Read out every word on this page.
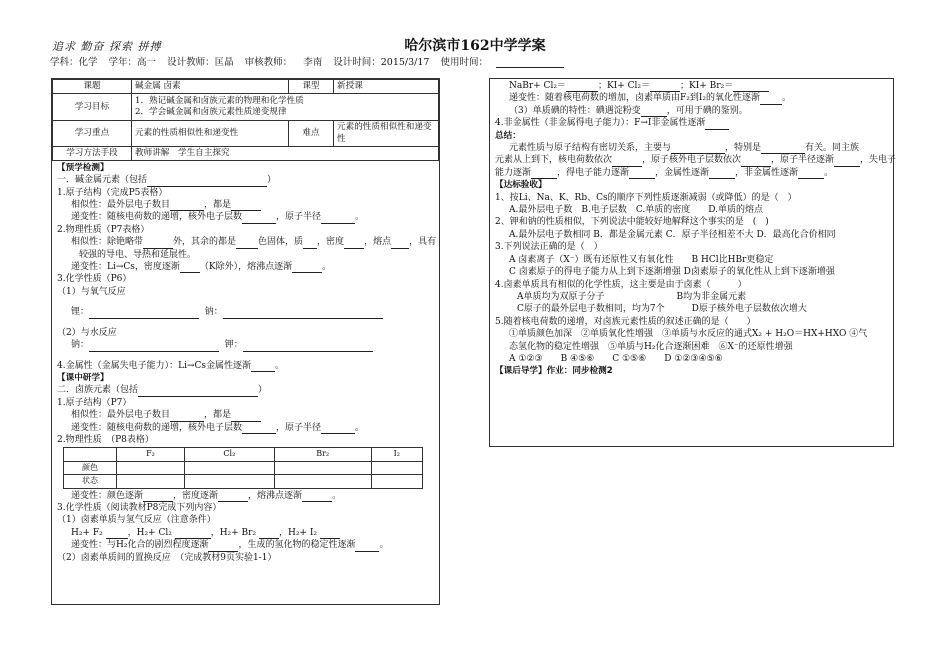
追求 勤奋 探索 拼搏	哈尔滨市162中学学案
学科：化学 学年：高一 设计教师：匡晶 审核教师： 李南 设计时间：2015/3/17 使用时间：
课题	碱金属 卤素	课型	新授课
学习目标	1．熟记碱金属和卤族元素的物理和化学性质
2．学会碱金属和卤族元素性质递变规律		

学习重点	元素的性质相似性和递变性	难点	元素的性质相似性和递变性
学习方法手段	教师讲解　学生自主探究		

【预学检测】

一．碱金属元素（包括	）

1.原子结构（完成P5表格）

相似性：最外层电子数目	，都是

递变性：随核电荷数的递增，核外电子层数	，原子半径	。

2.物理性质（P7表格）

相似性：除铯略带	外，其余的都是 色固体，质 ，密度 ，熔点 ，具有

较强的导电、导热和延展性。

递变性：Li→Cs，密度逐渐 （K除外），熔沸点逐渐	。

3.化学性质（P6）

（1）与氧气反应

锂：	钠：

（2）与水反应

钠：	钾：

4.金属性（金属失电子能力）：Li→Cs金属性逐渐	。

【课中研学】

二．卤族元素（包括	）

1.原子结构（P7）

相似性：最外层电子数目	，都是

递变性：随核电荷数的递增，核外电子层数	，原子半径	。

2.物理性质　（P8表格）

	F₂	Cl₂	Br₂	I₂
颜色				
状态				

递变性：颜色逐渐	，密度逐渐	，熔沸点逐渐	。

3.化学性质（阅读教材P8完成下列内容）

（1）卤素单质与氢气反应（注意条件）

H₂+ F₂	，H₂+ Cl₂	，H₂+ Br₂	，H₂+ I₂

递变性：与H₂化合的剧烈程度逐渐	，生成的氢化物的稳定性逐渐	。

（2）卤素单质间的置换反应　（完成教材9页实验1-1）

NaBr+ Cl₂＝	；KI+ Cl₂＝	；KI+ Br₂＝

递变性：随着核电荷数的增加，卤素单质由F₂到I₂的氧化性逐渐 。

（3）单质碘的特性：碘遇淀粉变	，可用于碘的鉴别。

4.非金属性（非金属得电子能力）：F→I非金属性逐渐

总结：

元素性质与原子结构有密切关系，主要与	，特别是	有关。同主族

元素从上到下，核电荷数依次	，原子核外电子层数依次	，原子半径逐渐	，失电子

能力逐渐	，得电子能力逐渐	，金属性逐渐	，非金属性逐渐	。

【达标验收】

1、按Li、Na、K、Rb、Cs的顺序下列性质逐渐减弱（或降低）的是（　）

A.最外层电子数　B.电子层数　C.单质的密度　　D.单质的熔点

2、钾和钠的性质相似，下列说法中能较好地解释这个事实的是　(　)

A.最外层电子数相同 B．都是金属元素 C．原子半径相差不大 D．最高化合价相同

3.下列说法正确的是（　）

A 卤素离子（X⁻）既有还原性又有氧化性　　B HCl比HBr更稳定

C 卤素原子的得电子能力从上到下逐渐增强 D卤素原子的氧化性从上到下逐渐增强

4.卤素单质具有相似的化学性质，这主要是由于卤素（　　　）

A单质均为双原子分子　　　　　　　　B均为非金属元素

C原子的最外层电子数相同，均为7个　　　D原子核外电子层数依次增大

5.随着核电荷数的递增，对卤族元素性质的叙述正确的是（　　）

①单质颜色加深　②单质氧化性增强　③单质与水反应的通式X₂ + H₂O＝HX+HXO ④气

态氢化物的稳定性增强　⑤单质与H₂化合逐渐困难　⑥X⁻的还原性增强

A ①②③　　B ④⑤⑥　　C ①⑤⑥　　D ①②③④⑤⑥

【课后导学】作业：同步检测2
